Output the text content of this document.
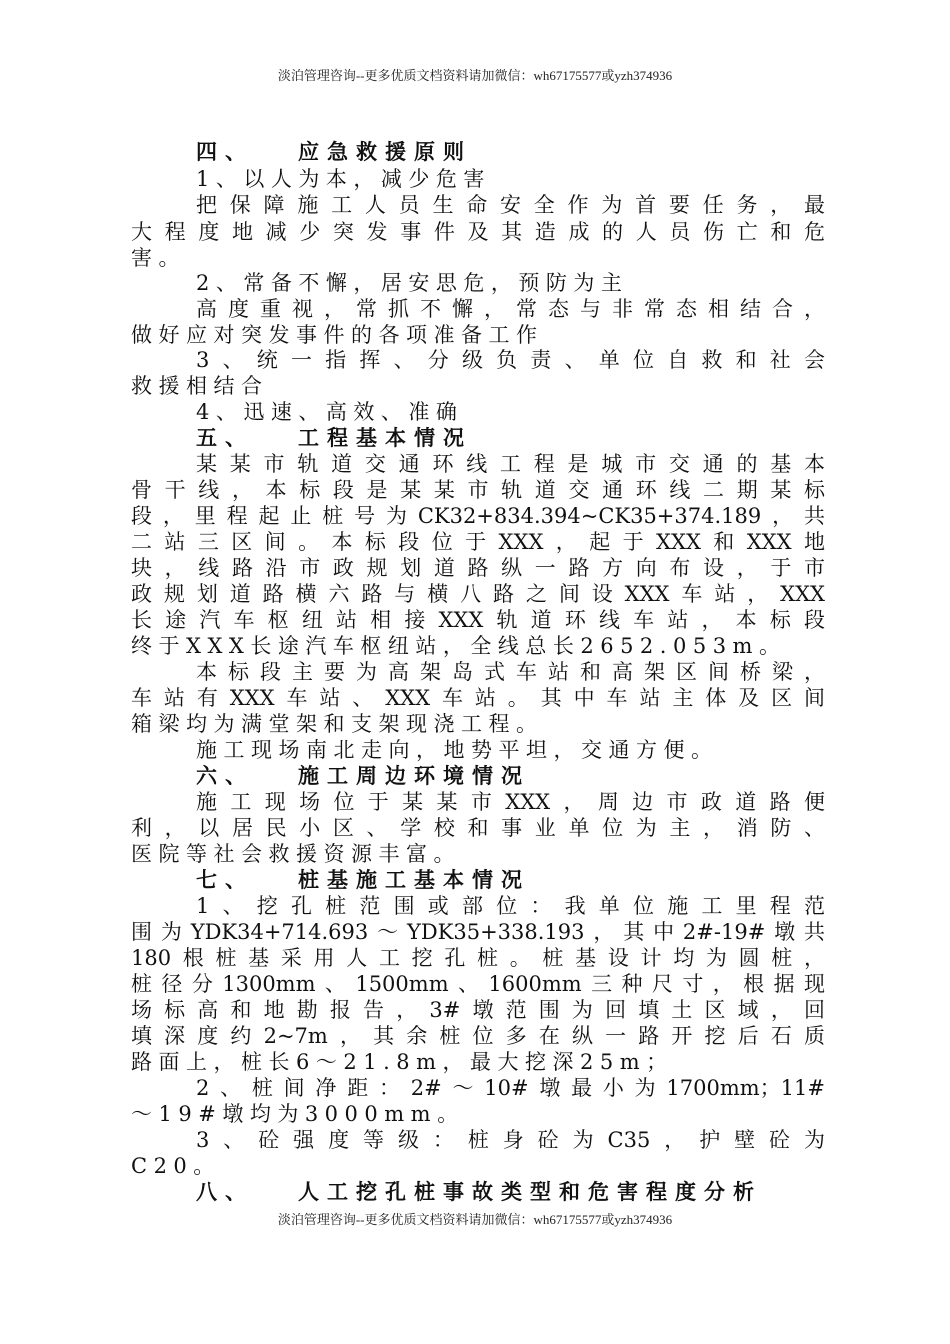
淡泊管理咨询--更多优质文档资料请加微信：wh67175577或yzh374936
四、 应急救援原则
1、以人为本，减少危害
把保障施工人员生命安全作为首要任务，最
大程度地减少突发事件及其造成的人员伤亡和危
害。
2、常备不懈，居安思危，预防为主
高度重视，常抓不懈，常态与非常态相结合，
做好应对突发事件的各项准备工作
3、统一指挥、分级负责、单位自救和社会
救援相结合
4、迅速、高效、准确
五、 工程基本情况
某某市轨道交通环线工程是城市交通的基本
骨干线，本标段是某某市轨道交通环线二期某标
段，里程起止桩号为CK32+834.394~CK35+374.189，共
二站三区间。本标段位于XXX，起于XXX和XXX地
块，线路沿市政规划道路纵一路方向布设，于市
政规划道路横六路与横八路之间设XXX车站，XXX
长途汽车枢纽站相接XXX轨道环线车站，本标段
终于XXX长途汽车枢纽站，全线总长2652.053m。
本标段主要为高架岛式车站和高架区间桥梁，
车站有XXX车站、XXX车站。其中车站主体及区间
箱梁均为满堂架和支架现浇工程。
施工现场南北走向，地势平坦，交通方便。
六、 施工周边环境情况
施工现场位于某某市XXX，周边市政道路便
利，以居民小区、学校和事业单位为主，消防、
医院等社会救援资源丰富。
七、 桩基施工基本情况
1、挖孔桩范围或部位：我单位施工里程范
围为YDK34+714.693～YDK35+338.193，其中2#-19#墩共
180根桩基采用人工挖孔桩。桩基设计均为圆桩，
桩径分1300mm、1500mm、1600mm三种尺寸，根据现
场标高和地勘报告，3#墩范围为回填土区域，回
填深度约2~7m，其余桩位多在纵一路开挖后石质
路面上，桩长6～21.8m，最大挖深25m；
2、桩间净距：2#～10#墩最小为1700mm；11#
～19#墩均为3000mm。
3、砼强度等级：桩身砼为C35，护壁砼为
C20。
八、 人工挖孔桩事故类型和危害程度分析
淡泊管理咨询--更多优质文档资料请加微信：wh67175577或yzh374936
